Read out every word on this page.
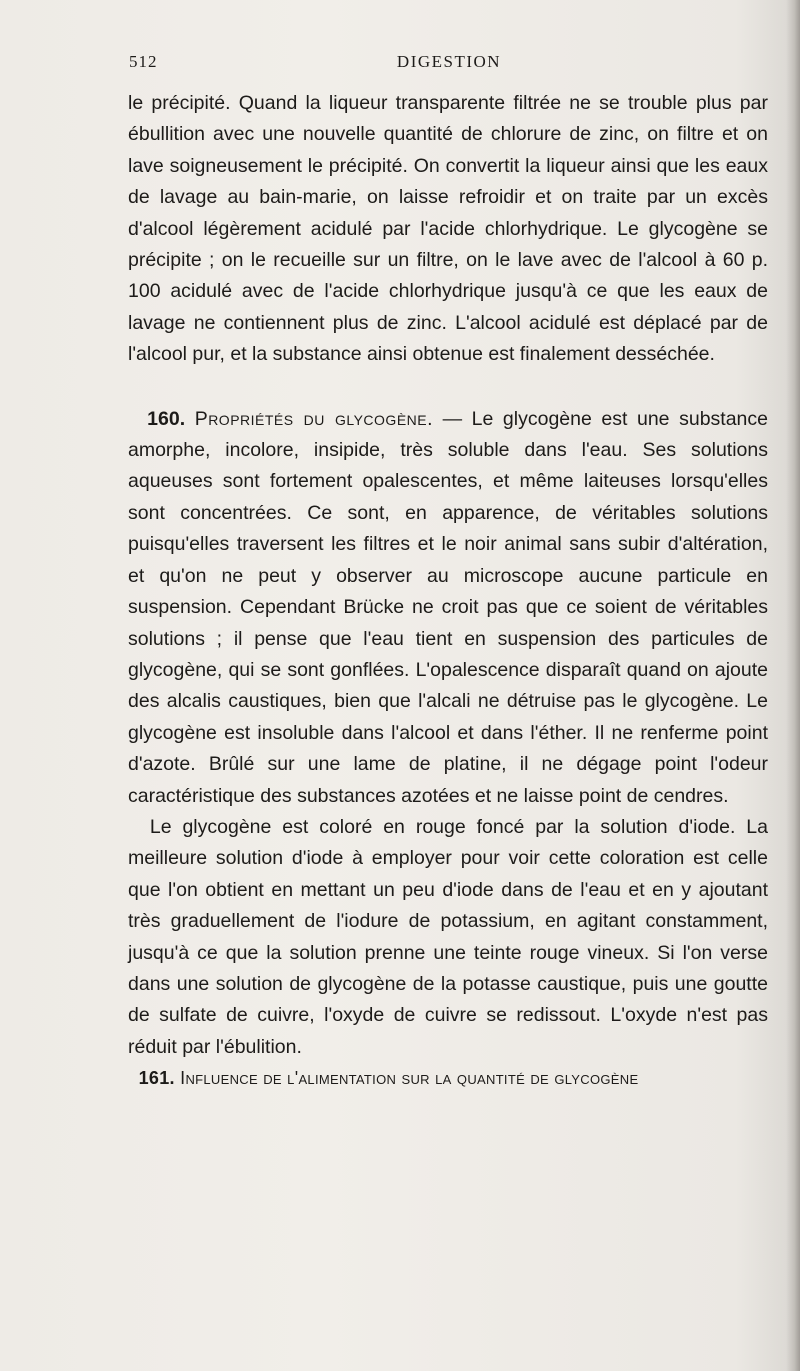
512	DIGESTION

le précipité. Quand la liqueur transparente filtrée ne se trouble plus par ébullition avec une nouvelle quantité de chlorure de zinc, on filtre et on lave soigneusement le précipité. On convertit la liqueur ainsi que les eaux de lavage au bain-marie, on laisse refroidir et on traite par un excès d'alcool légèrement acidulé par l'acide chlorhydrique. Le glycogène se précipite ; on le recueille sur un filtre, on le lave avec de l'alcool à 60 p. 100 acidulé avec de l'acide chlorhydrique jusqu'à ce que les eaux de lavage ne contiennent plus de zinc. L'alcool acidulé est déplacé par de l'alcool pur, et la substance ainsi obtenue est finalement desséchée.

160. Propriétés du glycogène. — Le glycogène est une substance amorphe, incolore, insipide, très soluble dans l'eau. Ses solutions aqueuses sont fortement opalescentes, et même laiteuses lorsqu'elles sont concentrées. Ce sont, en apparence, de véritables solutions puisqu'elles traversent les filtres et le noir animal sans subir d'altération, et qu'on ne peut y observer au microscope aucune particule en suspension. Cependant Brücke ne croit pas que ce soient de véritables solutions ; il pense que l'eau tient en suspension des particules de glycogène, qui se sont gonflées. L'opalescence disparaît quand on ajoute des alcalis caustiques, bien que l'alcali ne détruise pas le glycogène. Le glycogène est insoluble dans l'alcool et dans l'éther. Il ne renferme point d'azote. Brûlé sur une lame de platine, il ne dégage point l'odeur caractéristique des substances azotées et ne laisse point de cendres.

Le glycogène est coloré en rouge foncé par la solution d'iode. La meilleure solution d'iode à employer pour voir cette coloration est celle que l'on obtient en mettant un peu d'iode dans de l'eau et en y ajoutant très graduellement de l'iodure de potassium, en agitant constamment, jusqu'à ce que la solution prenne une teinte rouge vineux. Si l'on verse dans une solution de glycogène de la potasse caustique, puis une goutte de sulfate de cuivre, l'oxyde de cuivre se redissout. L'oxyde n'est pas réduit par l'ébulition.

161. Influence de l'alimentation sur la quantité de glycogène
